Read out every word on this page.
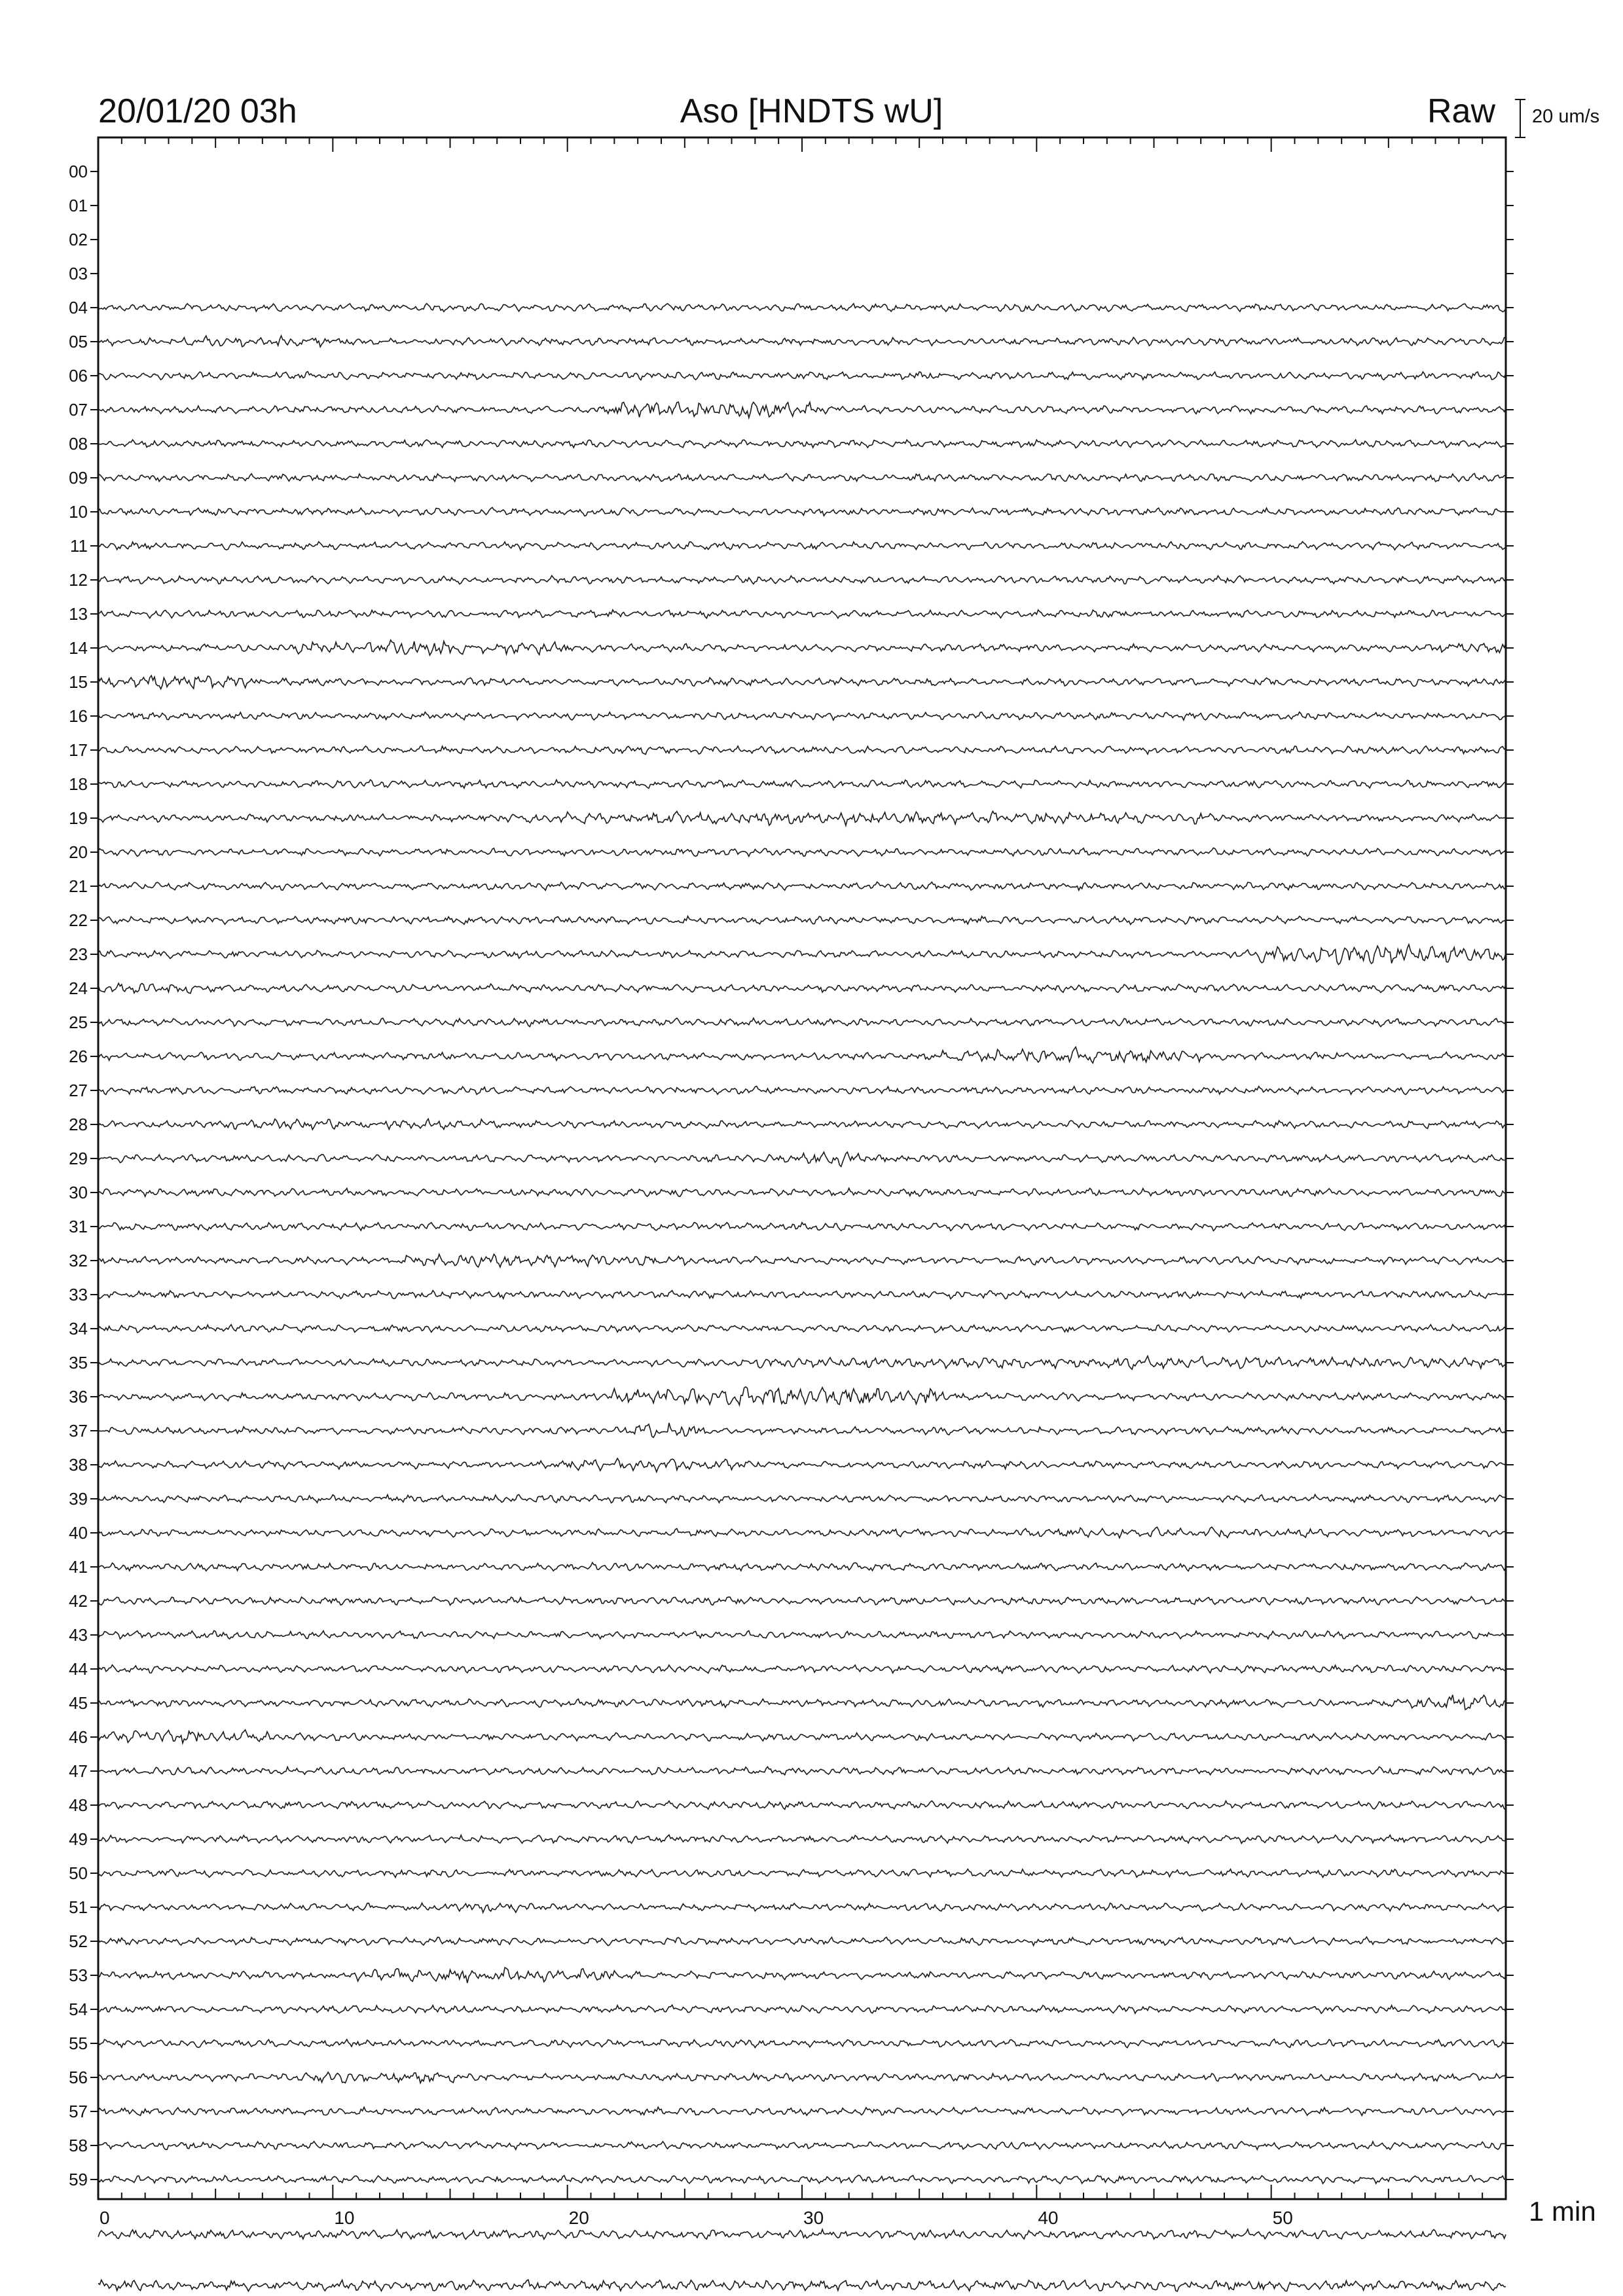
20/01/20 03h	Aso [HNDTS wU]	Raw 20 um/s
1 min
00
01
02
03
04
05
06
07
08
09
10
11
12
13
14
15
16
17
18
19
20
21
22
23
24
25
26
27
28
29
30
31
32
33
34
35
36
37
38
39
40
41
42
43
44
45
46
47
48
49
50
51
52
53
54
55
56
57
58
59
0	10	20	30	40	50
